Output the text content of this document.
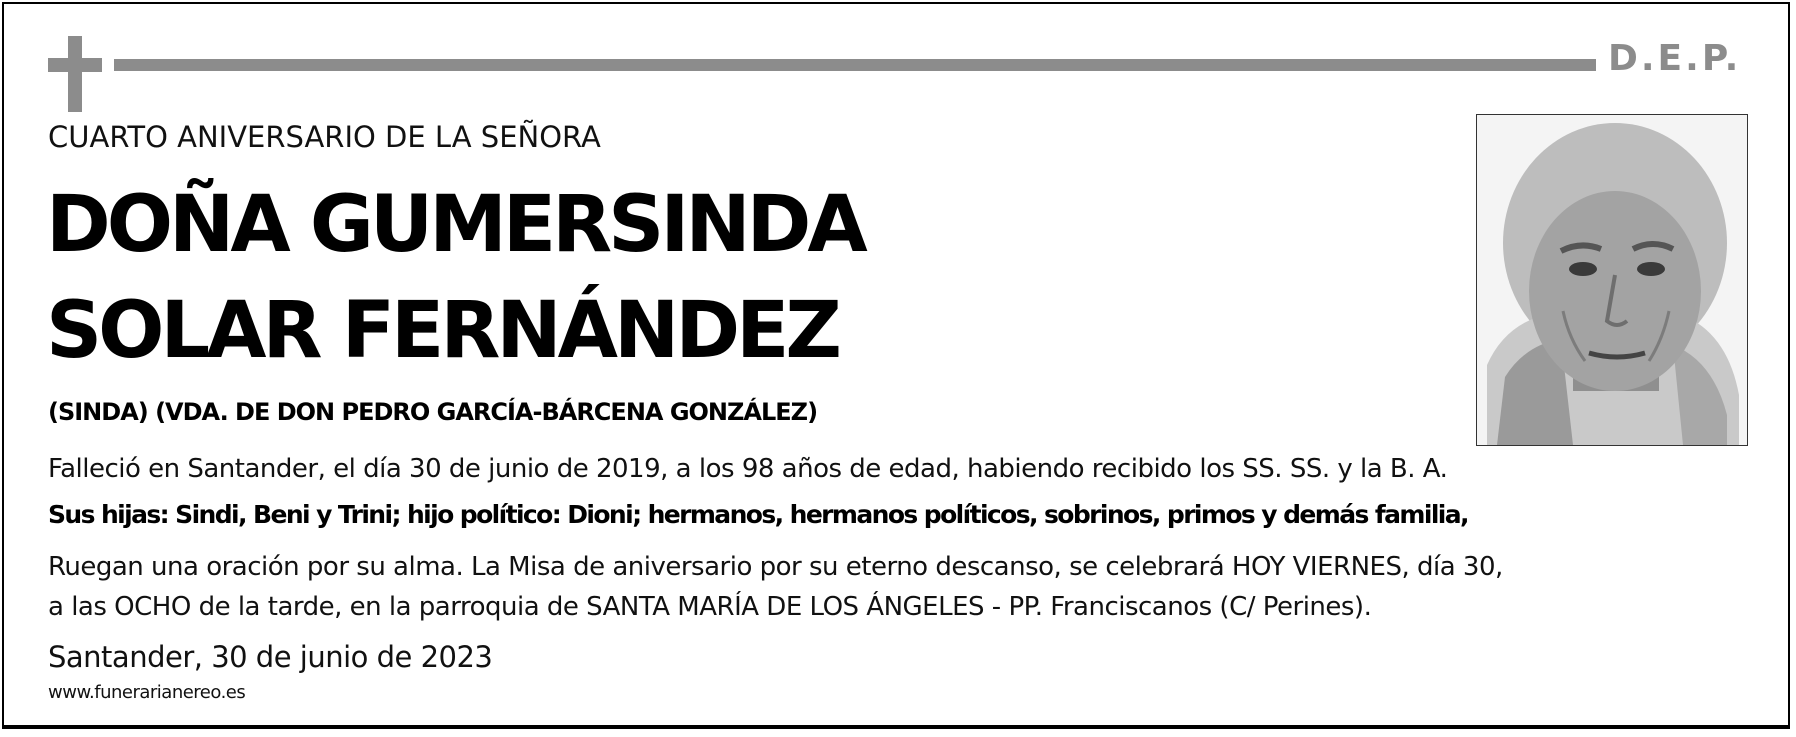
D.E.P.
CUARTO ANIVERSARIO DE LA SEÑORA
DOÑA GUMERSINDA
SOLAR FERNÁNDEZ
(SINDA) (VDA. DE DON PEDRO GARCÍA-BÁRCENA GONZÁLEZ)
Falleció en Santander, el día 30 de junio de 2019, a los 98 años de edad, habiendo recibido los SS. SS. y la B. A.
Sus hijas: Sindi, Beni y Trini; hijo político: Dioni; hermanos, hermanos políticos, sobrinos, primos y demás familia,
Ruegan una oración por su alma. La Misa de aniversario por su eterno descanso, se celebrará HOY VIERNES, día 30,
a las OCHO de la tarde, en la parroquia de SANTA MARÍA DE LOS ÁNGELES - PP. Franciscanos (C/ Perines).
Santander, 30 de junio de 2023
www.funerarianereo.es
